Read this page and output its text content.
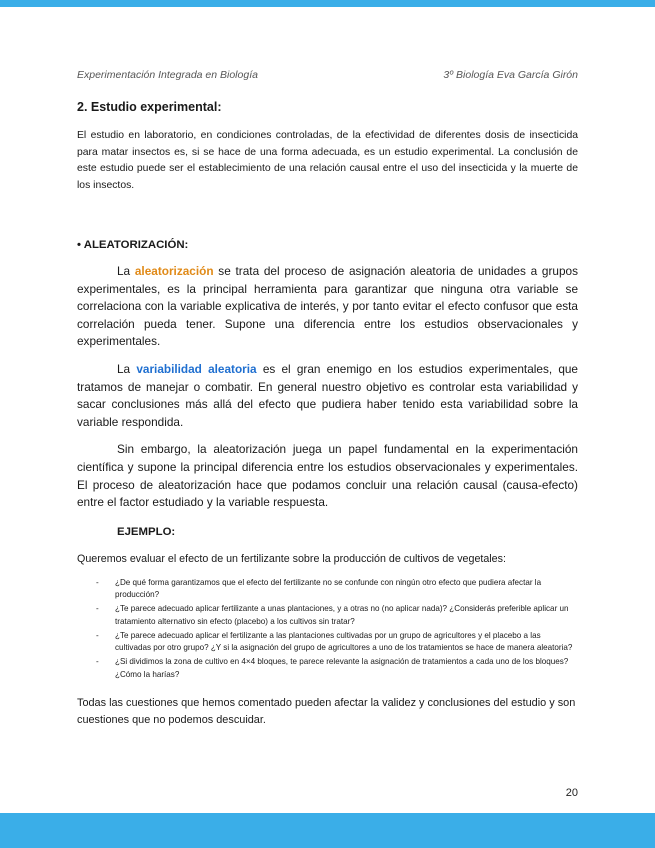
Experimentación Integrada en Biología	3º Biología Eva García Girón
2. Estudio experimental:

El estudio en laboratorio, en condiciones controladas, de la efectividad de diferentes dosis de insecticida para matar insectos es, si se hace de una forma adecuada, es un estudio experimental. La conclusión de este estudio puede ser el establecimiento de una relación causal entre el uso del insecticida y la muerte de los insectos.

• ALEATORIZACIÓN:

La aleatorización se trata del proceso de asignación aleatoria de unidades a grupos experimentales, es la principal herramienta para garantizar que ninguna otra variable se correlaciona con la variable explicativa de interés, y por tanto evitar el efecto confusor que esta correlación pueda tener. Supone una diferencia entre los estudios observacionales y experimentales.

La variabilidad aleatoria es el gran enemigo en los estudios experimentales, que tratamos de manejar o combatir. En general nuestro objetivo es controlar esta variabilidad y sacar conclusiones más allá del efecto que pudiera haber tenido esta variabilidad sobre la variable respondida.

Sin embargo, la aleatorización juega un papel fundamental en la experimentación científica y supone la principal diferencia entre los estudios observacionales y experimentales. El proceso de aleatorización hace que podamos concluir una relación causal (causa-efecto) entre el factor estudiado y la variable respuesta.

EJEMPLO:

Queremos evaluar el efecto de un fertilizante sobre la producción de cultivos de vegetales:

- ¿De qué forma garantizamos que el efecto del fertilizante no se confunde con ningún otro efecto que pudiera afectar la producción?
- ¿Te parece adecuado aplicar fertilizante a unas plantaciones, y a otras no (no aplicar nada)? ¿Considerás preferible aplicar un tratamiento alternativo sin efecto (placebo) a los cultivos sin tratar?
- ¿Te parece adecuado aplicar el fertilizante a las plantaciones cultivadas por un grupo de agricultores y el placebo a las cultivadas por otro grupo? ¿Y si la asignación del grupo de agricultores a uno de los tratamientos se hace de manera aleatoria?
- ¿Si dividimos la zona de cultivo en 4×4 bloques, te parece relevante la asignación de tratamientos a cada uno de los bloques? ¿Cómo la harías?

Todas las cuestiones que hemos comentado pueden afectar la validez y conclusiones del estudio y son cuestiones que no podemos descuidar.

20
